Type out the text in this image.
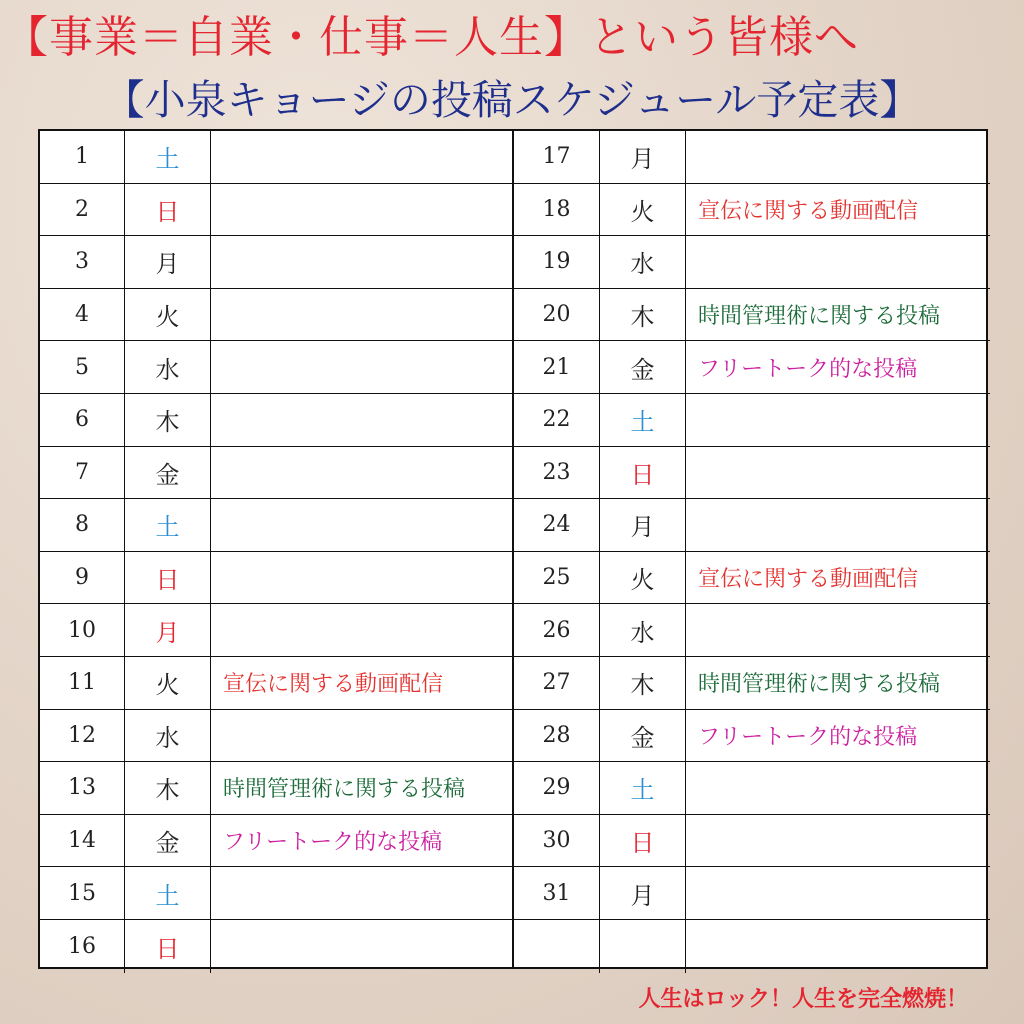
【事業＝自業・仕事＝人生】という皆様へ
【小泉キョージの投稿スケジュール予定表】
1	土
2	日
3	月
4	火
5	水
6	木
7	金
8	土
9	日
10	月
11	火	宣伝に関する動画配信
12	水
13	木	時間管理術に関する投稿
14	金	フリートーク的な投稿
15	土
16	日
17	月
18	火	宣伝に関する動画配信
19	水
20	木	時間管理術に関する投稿
21	金	フリートーク的な投稿
22	土
23	日
24	月
25	火	宣伝に関する動画配信
26	水
27	木	時間管理術に関する投稿
28	金	フリートーク的な投稿
29	土
30	日
31	月
人生はロック！人生を完全燃焼！
